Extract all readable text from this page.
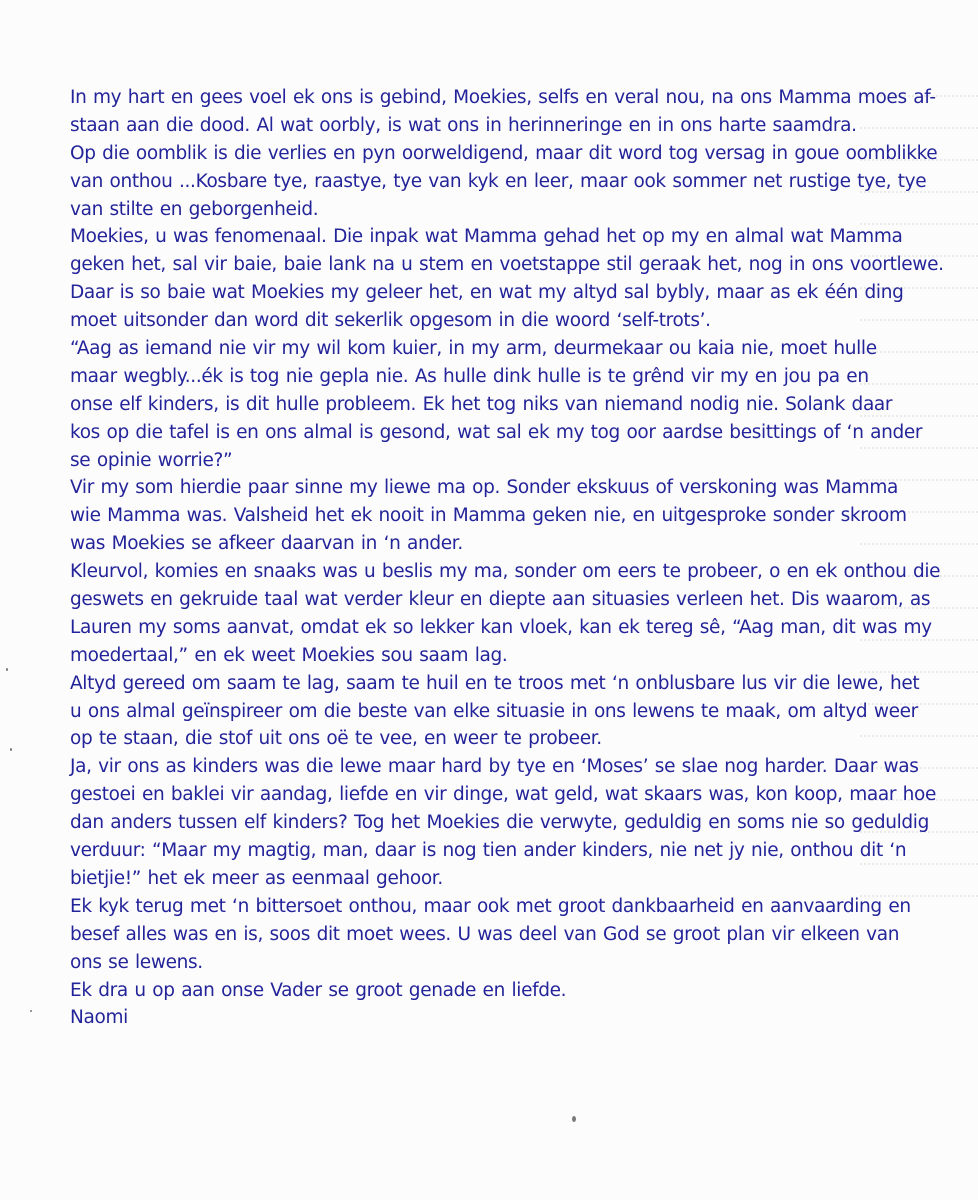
In my hart en gees voel ek ons is gebind, Moekies, selfs en veral nou, na ons Mamma moes af-
staan aan die dood. Al wat oorbly, is wat ons in herinneringe en in ons harte saamdra.
Op die oomblik is die verlies en pyn oorweldigend, maar dit word tog versag in goue oomblikke
van onthou ...Kosbare tye, raastye, tye van kyk en leer, maar ook sommer net rustige tye, tye
van stilte en geborgenheid.
Moekies, u was fenomenaal. Die inpak wat Mamma gehad het op my en almal wat Mamma
geken het, sal vir baie, baie lank na u stem en voetstappe stil geraak het, nog in ons voortlewe.
Daar is so baie wat Moekies my geleer het, en wat my altyd sal bybly, maar as ek één ding
moet uitsonder dan word dit sekerlik opgesom in die woord ‘self-trots’.
“Aag as iemand nie vir my wil kom kuier, in my arm, deurmekaar ou kaia nie, moet hulle
maar wegbly...ék is tog nie gepla nie. As hulle dink hulle is te grênd vir my en jou pa en
onse elf kinders, is dit hulle probleem. Ek het tog niks van niemand nodig nie. Solank daar
kos op die tafel is en ons almal is gesond, wat sal ek my tog oor aardse besittings of ‘n ander
se opinie worrie?”
Vir my som hierdie paar sinne my liewe ma op. Sonder ekskuus of verskoning was Mamma
wie Mamma was. Valsheid het ek nooit in Mamma geken nie, en uitgesproke sonder skroom
was Moekies se afkeer daarvan in ‘n ander.
Kleurvol, komies en snaaks was u beslis my ma, sonder om eers te probeer, o en ek onthou die
geswets en gekruide taal wat verder kleur en diepte aan situasies verleen het. Dis waarom, as
Lauren my soms aanvat, omdat ek so lekker kan vloek, kan ek tereg sê, “Aag man, dit was my
moedertaal,” en ek weet Moekies sou saam lag.
Altyd gereed om saam te lag, saam te huil en te troos met ‘n onblusbare lus vir die lewe, het
u ons almal geïnspireer om die beste van elke situasie in ons lewens te maak, om altyd weer
op te staan, die stof uit ons oë te vee, en weer te probeer.
Ja, vir ons as kinders was die lewe maar hard by tye en ‘Moses’ se slae nog harder. Daar was
gestoei en baklei vir aandag, liefde en vir dinge, wat geld, wat skaars was, kon koop, maar hoe
dan anders tussen elf kinders? Tog het Moekies die verwyte, geduldig en soms nie so geduldig
verduur: “Maar my magtig, man, daar is nog tien ander kinders, nie net jy nie, onthou dit ‘n
bietjie!” het ek meer as eenmaal gehoor.
Ek kyk terug met ‘n bittersoet onthou, maar ook met groot dankbaarheid en aanvaarding en
besef alles was en is, soos dit moet wees. U was deel van God se groot plan vir elkeen van
ons se lewens.
Ek dra u op aan onse Vader se groot genade en liefde.
Naomi
